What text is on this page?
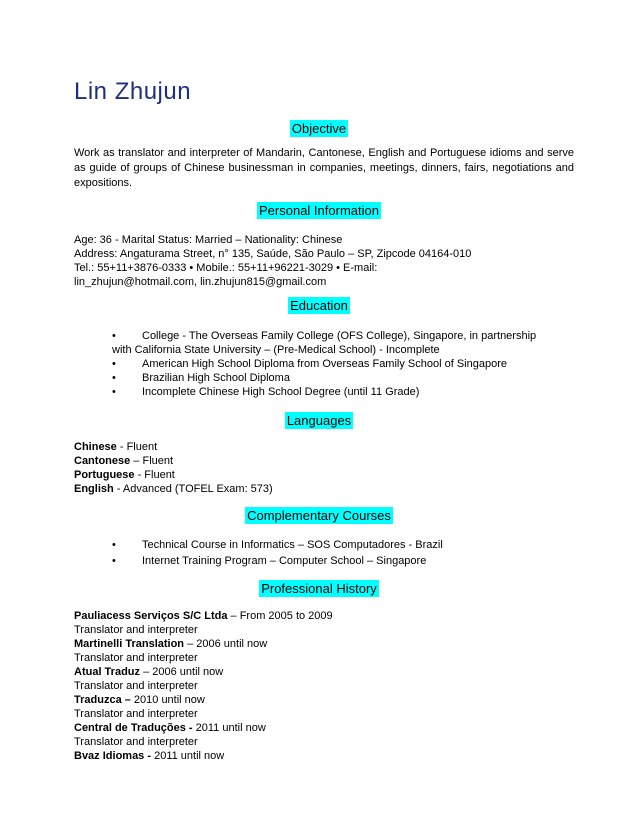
Lin Zhujun
Objective
Work as translator and interpreter of Mandarin, Cantonese, English and Portuguese idioms and serve as guide of groups of Chinese businessman in companies, meetings, dinners, fairs, negotiations and expositions.
Personal Information
Age: 36 - Marital Status: Married – Nationality: Chinese
Address: Angaturama Street, n° 135, Saúde, São Paulo – SP, Zipcode 04164-010
Tel.: 55+11+3876-0333 • Mobile.: 55+11+96221-3029 • E-mail:
lin_zhujun@hotmail.com, lin.zhujun815@gmail.com
Education
• College - The Overseas Family College (OFS College), Singapore, in partnership
with California State University – (Pre-Medical School) - Incomplete
• American High School Diploma from Overseas Family School of Singapore
• Brazilian High School Diploma
• Incomplete Chinese High School Degree (until 11 Grade)
Languages
Chinese - Fluent
Cantonese – Fluent
Portuguese - Fluent
English - Advanced (TOFEL Exam: 573)
Complementary Courses
• Technical Course in Informatics – SOS Computadores - Brazil
• Internet Training Program – Computer School – Singapore
Professional History
Pauliacess Serviços S/C Ltda – From 2005 to 2009
Translator and interpreter
Martinelli Translation – 2006 until now
Translator and interpreter
Atual Traduz – 2006 until now
Translator and interpreter
Traduzca – 2010 until now
Translator and interpreter
Central de Traduções - 2011 until now
Translator and interpreter
Bvaz Idiomas - 2011 until now
